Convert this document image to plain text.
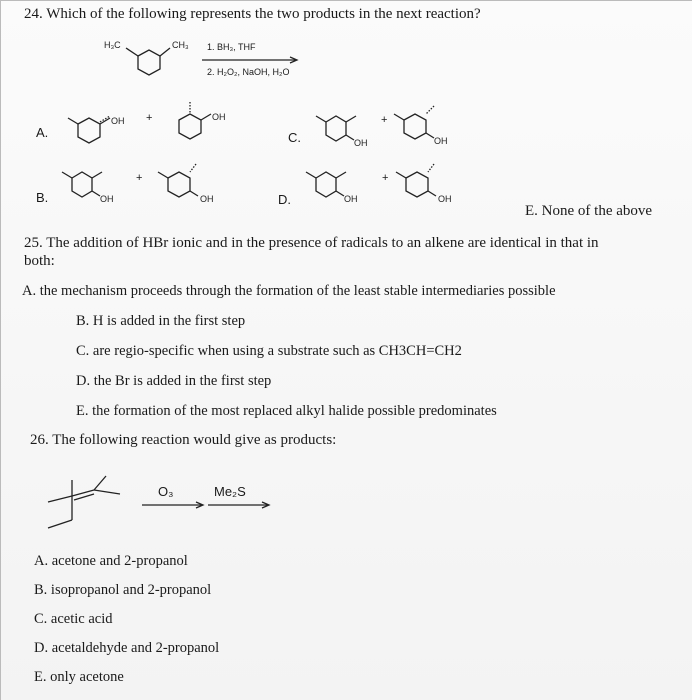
24. Which of the following represents the two products in the next reaction?
H₃C	CH₃ 1. BH₃, THF
2. H₂O₂, NaOH, H₂O
A.
OH +	OH
C.	OH
+
OH
B.	OH
+
OH	D.	OH
+
OH
E. None of the above
25. The addition of HBr ionic and in the presence of radicals to an alkene are identical in that in
both:
A. the mechanism proceeds through the formation of the least stable intermediaries possible
B. H is added in the first step
C. are regio-specific when using a substrate such as CH3CH=CH2
D. the Br is added in the first step
E. the formation of the most replaced alkyl halide possible predominates
26. The following reaction would give as products:
O₃	Me₂S
A. acetone and 2-propanol
B. isopropanol and 2-propanol
C. acetic acid
D. acetaldehyde and 2-propanol
E. only acetone
